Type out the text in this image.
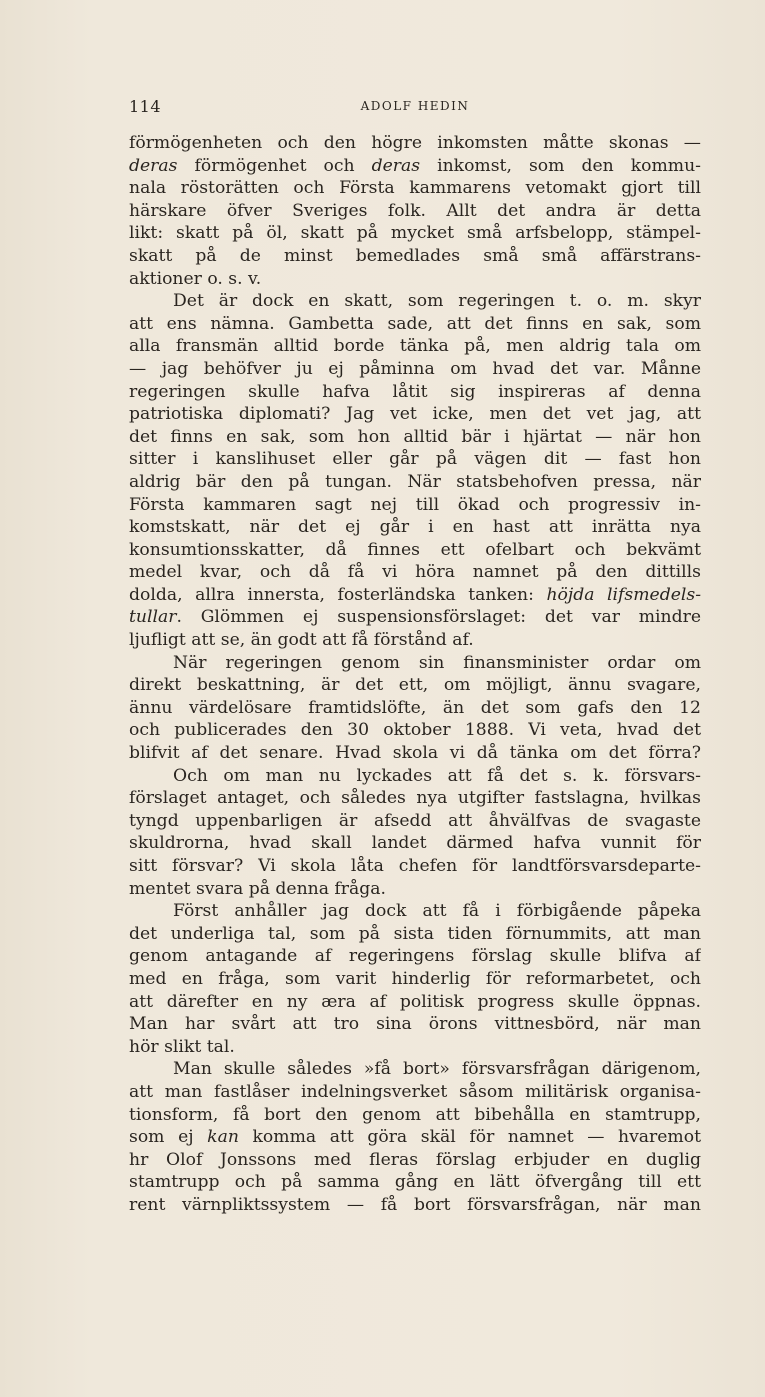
114	ADOLF HEDIN
förmögenheten och den högre inkomsten måtte skonas —
deras förmögenhet och deras inkomst, som den kommu-
nala röstorätten och Första kammarens vetomakt gjort till
härskare öfver Sveriges folk. Allt det andra är detta
likt: skatt på öl, skatt på mycket små arfsbelopp, stämpel-
skatt på de minst bemedlades små små affärstrans-
aktioner o. s. v.
Det är dock en skatt, som regeringen t. o. m. skyr
att ens nämna. Gambetta sade, att det finns en sak, som
alla fransmän alltid borde tänka på, men aldrig tala om
— jag behöfver ju ej påminna om hvad det var. Månne
regeringen skulle hafva låtit sig inspireras af denna
patriotiska diplomati? Jag vet icke, men det vet jag, att
det finns en sak, som hon alltid bär i hjärtat — när hon
sitter i kanslihuset eller går på vägen dit — fast hon
aldrig bär den på tungan. När statsbehofven pressa, när
Första kammaren sagt nej till ökad och progressiv in-
komstskatt, när det ej går i en hast att inrätta nya
konsumtionsskatter, då finnes ett ofelbart och bekvämt
medel kvar, och då få vi höra namnet på den dittills
dolda, allra innersta, fosterländska tanken: höjda lifsmedels-
tullar. Glömmen ej suspensionsförslaget: det var mindre
ljufligt att se, än godt att få förstånd af.
När regeringen genom sin finansminister ordar om
direkt beskattning, är det ett, om möjligt, ännu svagare,
ännu värdelösare framtidslöfte, än det som gafs den 12
och publicerades den 30 oktober 1888. Vi veta, hvad det
blifvit af det senare. Hvad skola vi då tänka om det förra?
Och om man nu lyckades att få det s. k. försvars-
förslaget antaget, och således nya utgifter fastslagna, hvilkas
tyngd uppenbarligen är afsedd att åhvälfvas de svagaste
skuldrorna, hvad skall landet därmed hafva vunnit för
sitt försvar? Vi skola låta chefen för landtförsvarsdeparte-
mentet svara på denna fråga.
Först anhåller jag dock att få i förbigående påpeka
det underliga tal, som på sista tiden förnummits, att man
genom antagande af regeringens förslag skulle blifva af
med en fråga, som varit hinderlig för reformarbetet, och
att därefter en ny æra af politisk progress skulle öppnas.
Man har svårt att tro sina örons vittnesbörd, när man
hör slikt tal.
Man skulle således »få bort» försvarsfrågan därigenom,
att man fastlåser indelningsverket såsom militärisk organisa-
tionsform, få bort den genom att bibehålla en stamtrupp,
som ej kan komma att göra skäl för namnet — hvaremot
hr Olof Jonssons med fleras förslag erbjuder en duglig
stamtrupp och på samma gång en lätt öfvergång till ett
rent värnpliktssystem — få bort försvarsfrågan, när man
